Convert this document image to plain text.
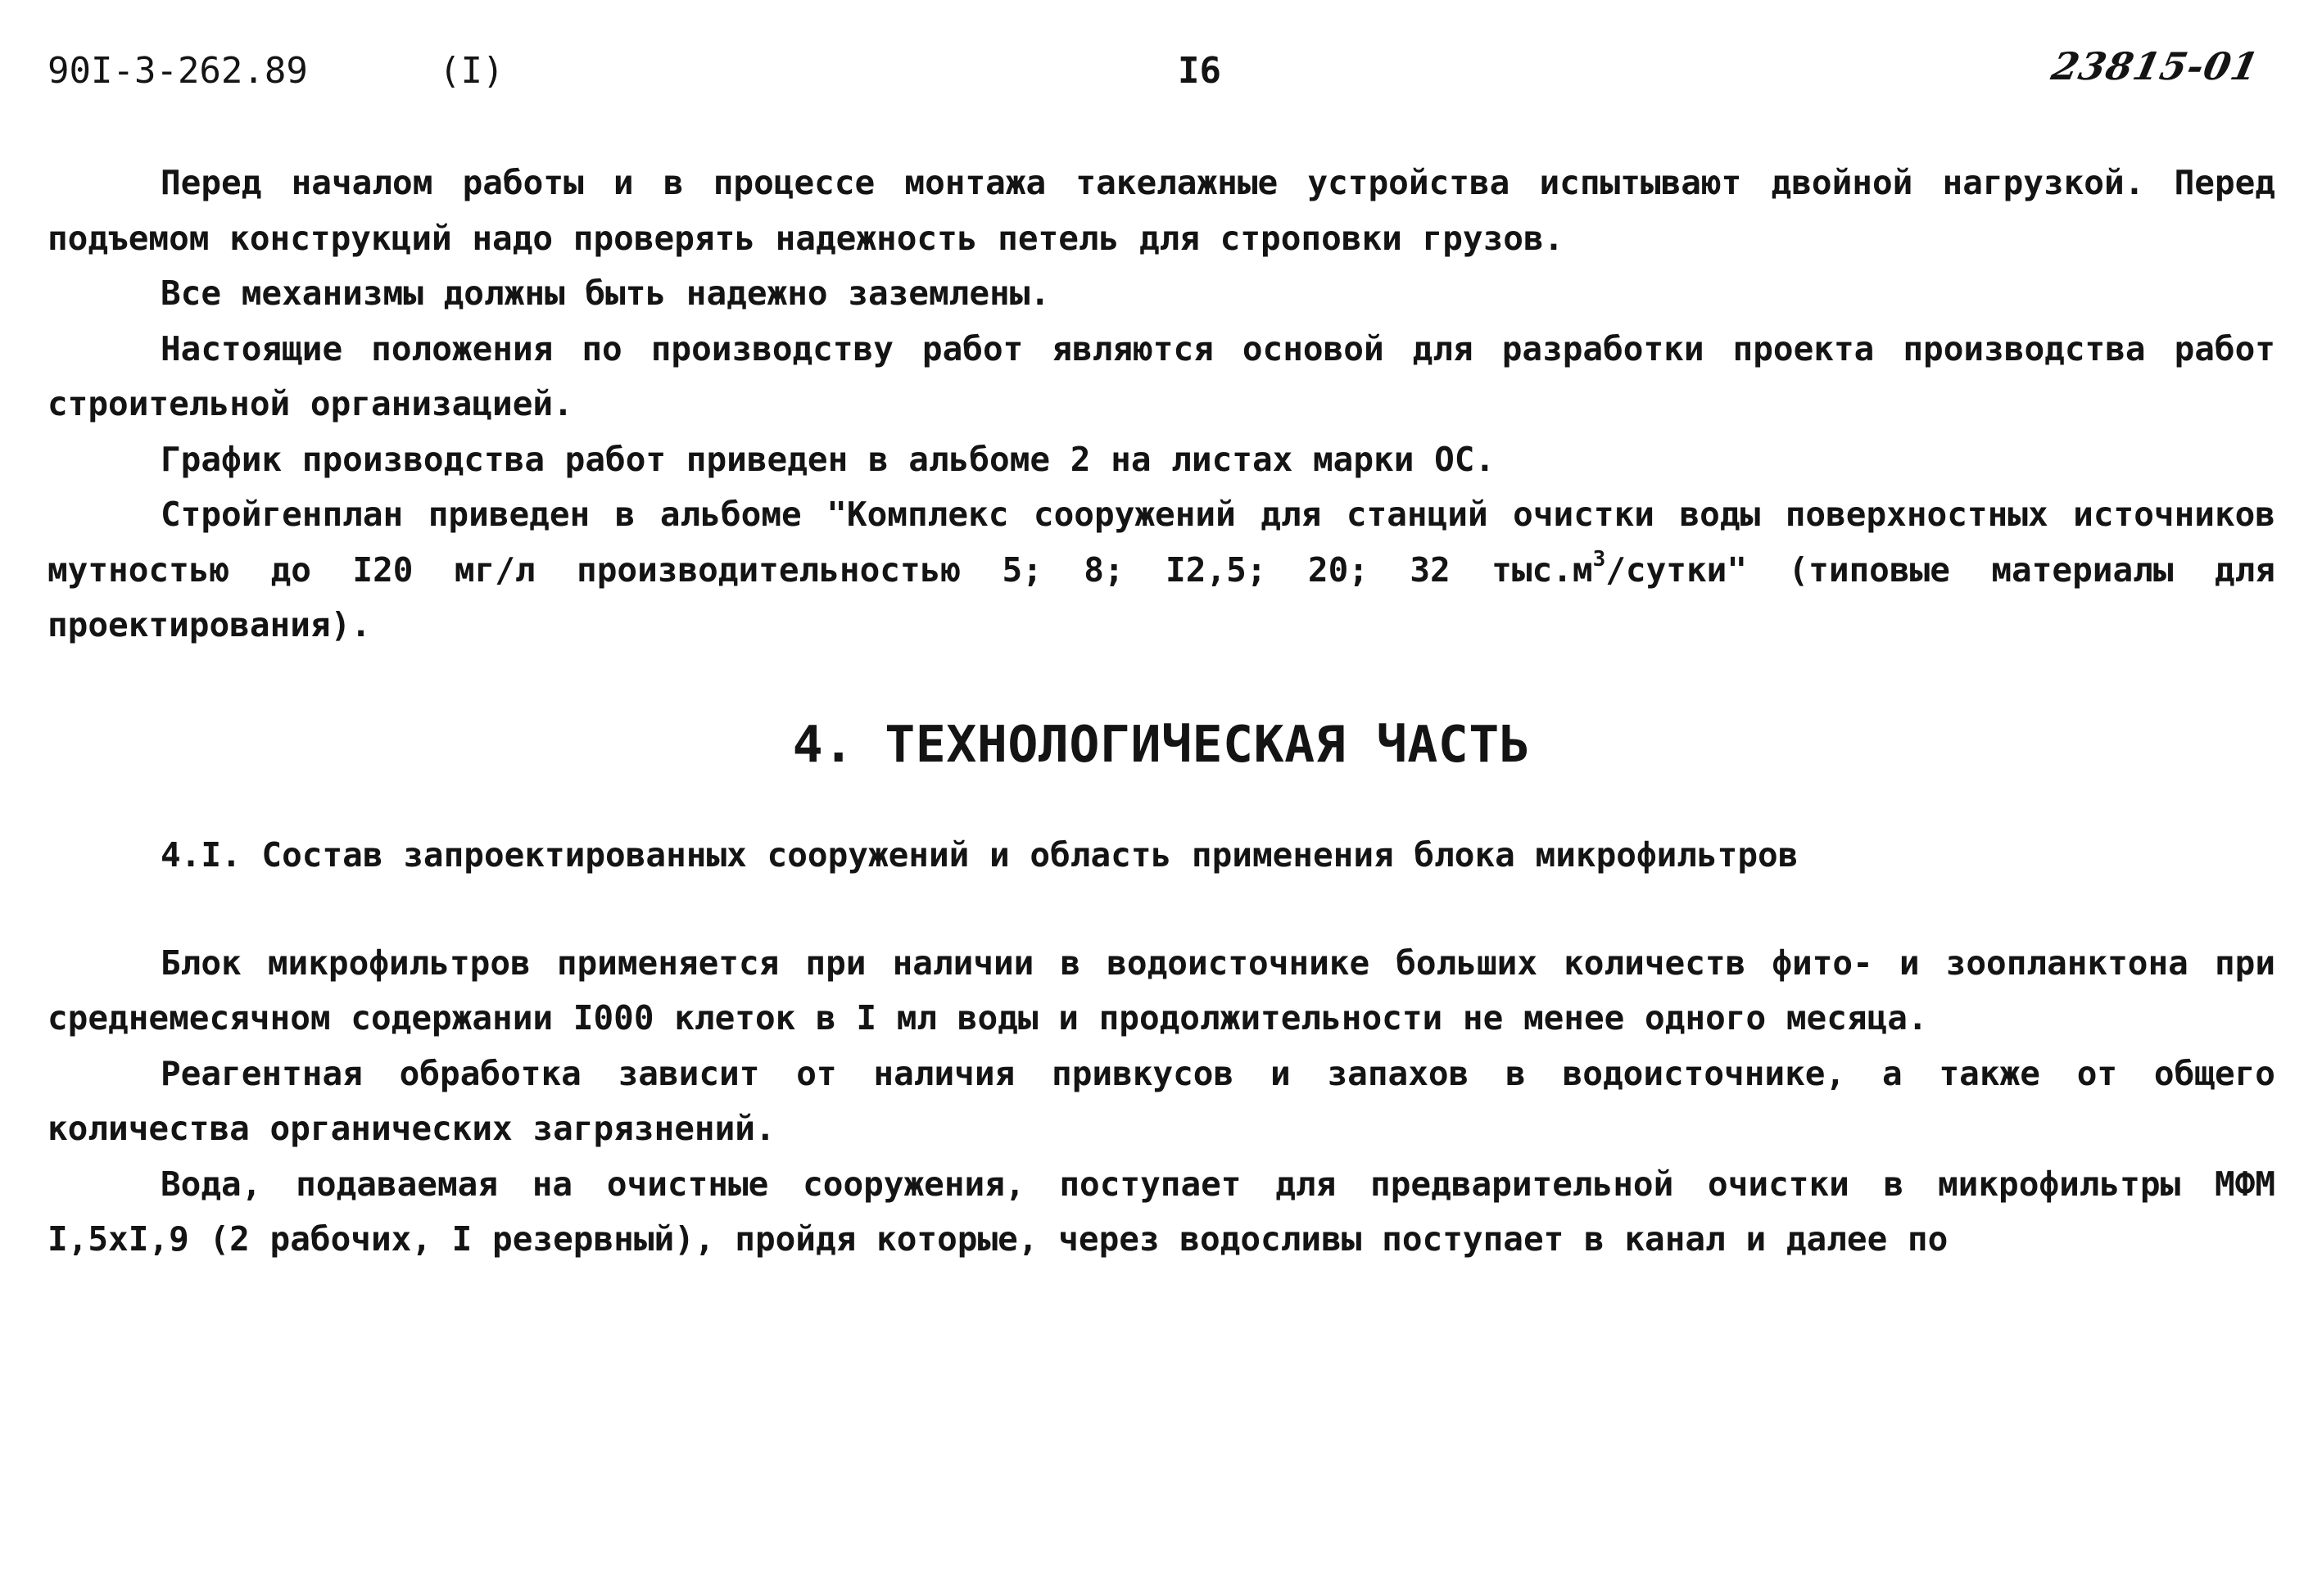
90I-3-262.89	(I)	I6	23815-01

Перед началом работы и в процессе монтажа такелажные устройства испытывают двойной нагрузкой. Перед подъемом конструкций надо проверять надежность петель для строповки грузов.

Все механизмы должны быть надежно заземлены.

Настоящие положения по производству работ являются основой для разработки проекта производства работ строительной организацией.

График производства работ приведен в альбоме 2 на листах марки ОС.

Стройгенплан приведен в альбоме "Комплекс сооружений для станций очистки воды поверхностных источников мутностью до I20 мг/л производительностью 5; 8; I2,5; 20; 32 $тыс.м^3$/сутки" (типовые материалы для проектирования).

4. ТЕХНОЛОГИЧЕСКАЯ ЧАСТЬ

4.I. Состав запроектированных сооружений и область применения блока микрофильтров

Блок микрофильтров применяется при наличии в водоисточнике больших количеств фито- и зоопланктона при среднемесячном содержании I000 клеток в I мл воды и продолжительности не менее одного месяца.

Реагентная обработка зависит от наличия привкусов и запахов в водоисточнике, а также от общего количества органических загрязнений.

Вода, подаваемая на очистные сооружения, поступает для предварительной очистки в микрофильтры МФМ I,5хI,9 (2 рабочих, I резервный), пройдя которые, через водосливы поступает в канал и далее по
